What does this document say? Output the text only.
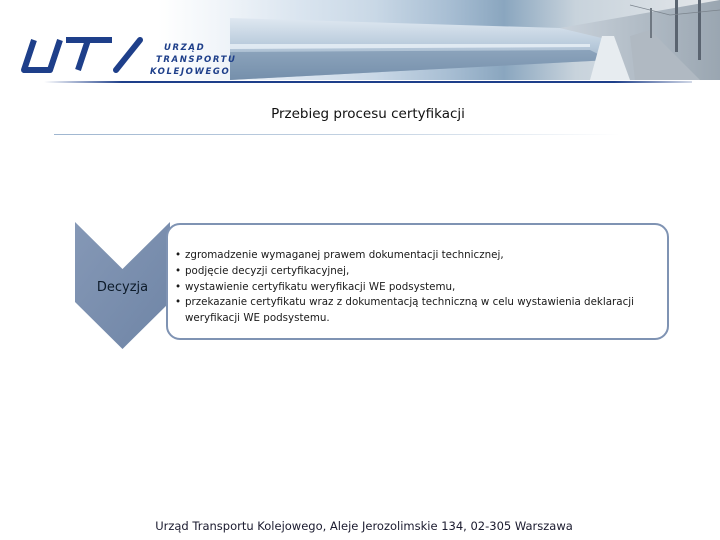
URZĄD
TRANSPORTU
KOLEJOWEGO
Przebieg procesu certyfikacji
Decyzja
• zgromadzenie wymaganej prawem dokumentacji technicznej,
• podjęcie decyzji certyfikacyjnej,
• wystawienie certyfikatu weryfikacji WE podsystemu,
• przekazanie certyfikatu wraz z dokumentacją techniczną w celu wystawienia deklaracji weryfikacji WE podsystemu.
Urząd Transportu Kolejowego, Aleje Jerozolimskie 134, 02-305 Warszawa
